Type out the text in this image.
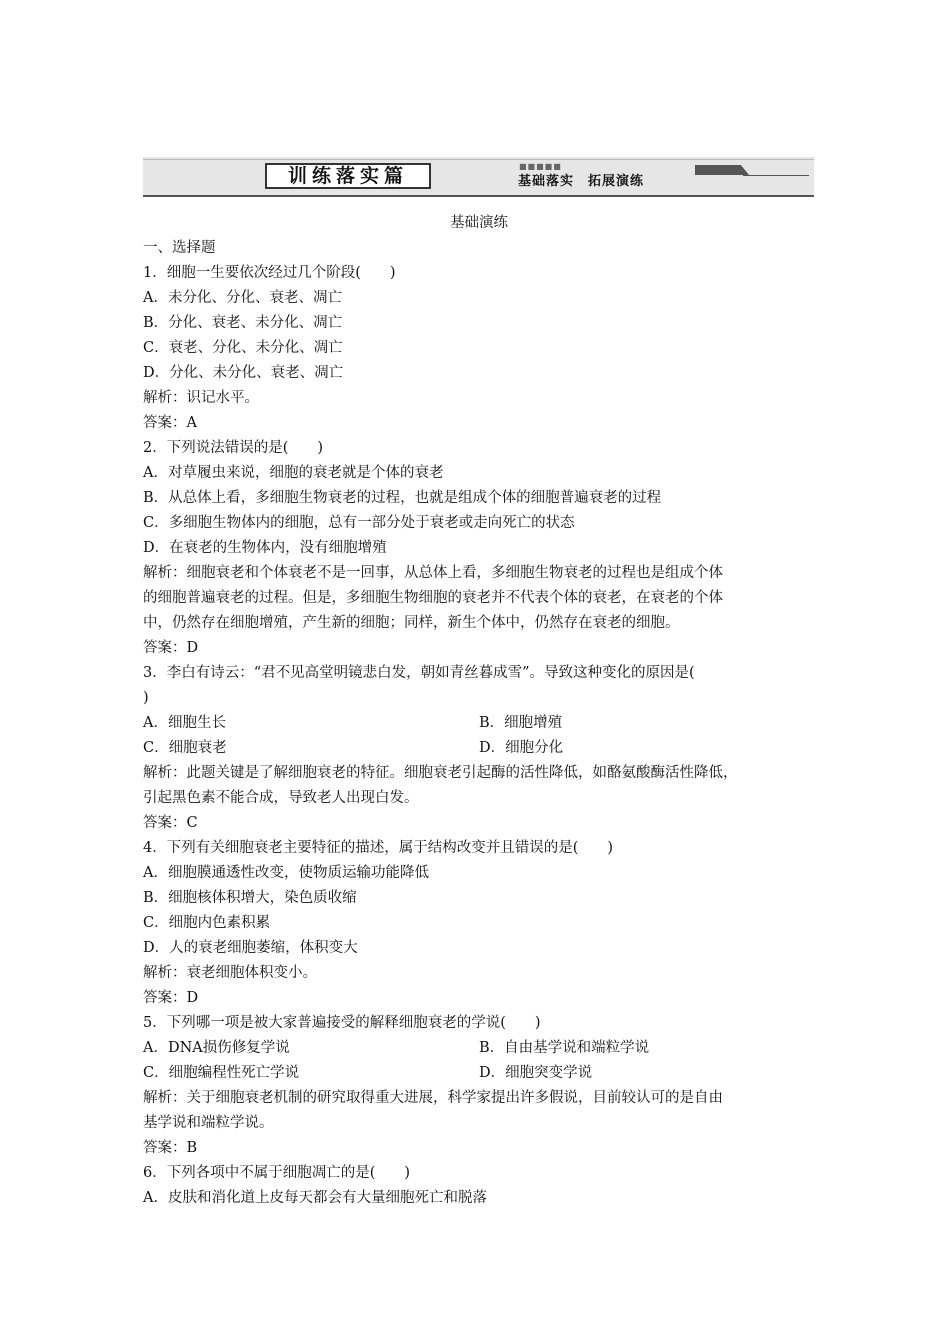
训练落实篇	■■■■■
基础落实　拓展演练
基础演练
一、选择题
1．细胞一生要依次经过几个阶段(　　)
A．未分化、分化、衰老、凋亡
B．分化、衰老、未分化、凋亡
C．衰老、分化、未分化、凋亡
D．分化、未分化、衰老、凋亡
解析：识记水平。
答案：A
2．下列说法错误的是(　　)
A．对草履虫来说，细胞的衰老就是个体的衰老
B．从总体上看，多细胞生物衰老的过程，也就是组成个体的细胞普遍衰老的过程
C．多细胞生物体内的细胞，总有一部分处于衰老或走向死亡的状态
D．在衰老的生物体内，没有细胞增殖
解析：细胞衰老和个体衰老不是一回事，从总体上看，多细胞生物衰老的过程也是组成个体
的细胞普遍衰老的过程。但是，多细胞生物细胞的衰老并不代表个体的衰老，在衰老的个体
中，仍然存在细胞增殖，产生新的细胞；同样，新生个体中，仍然存在衰老的细胞。
答案：D
3．李白有诗云：“君不见高堂明镜悲白发，朝如青丝暮成雪”。导致这种变化的原因是(
)
A．细胞生长	B．细胞增殖
C．细胞衰老	D．细胞分化
解析：此题关键是了解细胞衰老的特征。细胞衰老引起酶的活性降低，如酪氨酸酶活性降低，
引起黑色素不能合成，导致老人出现白发。
答案：C
4．下列有关细胞衰老主要特征的描述，属于结构改变并且错误的是(　　)
A．细胞膜通透性改变，使物质运输功能降低
B．细胞核体积增大，染色质收缩
C．细胞内色素积累
D．人的衰老细胞萎缩，体积变大
解析：衰老细胞体积变小。
答案：D
5．下列哪一项是被大家普遍接受的解释细胞衰老的学说(　　)
A．DNA损伤修复学说	B．自由基学说和端粒学说
C．细胞编程性死亡学说	D．细胞突变学说
解析：关于细胞衰老机制的研究取得重大进展，科学家提出许多假说，目前较认可的是自由
基学说和端粒学说。
答案：B
6．下列各项中不属于细胞凋亡的是(　　)
A．皮肤和消化道上皮每天都会有大量细胞死亡和脱落
